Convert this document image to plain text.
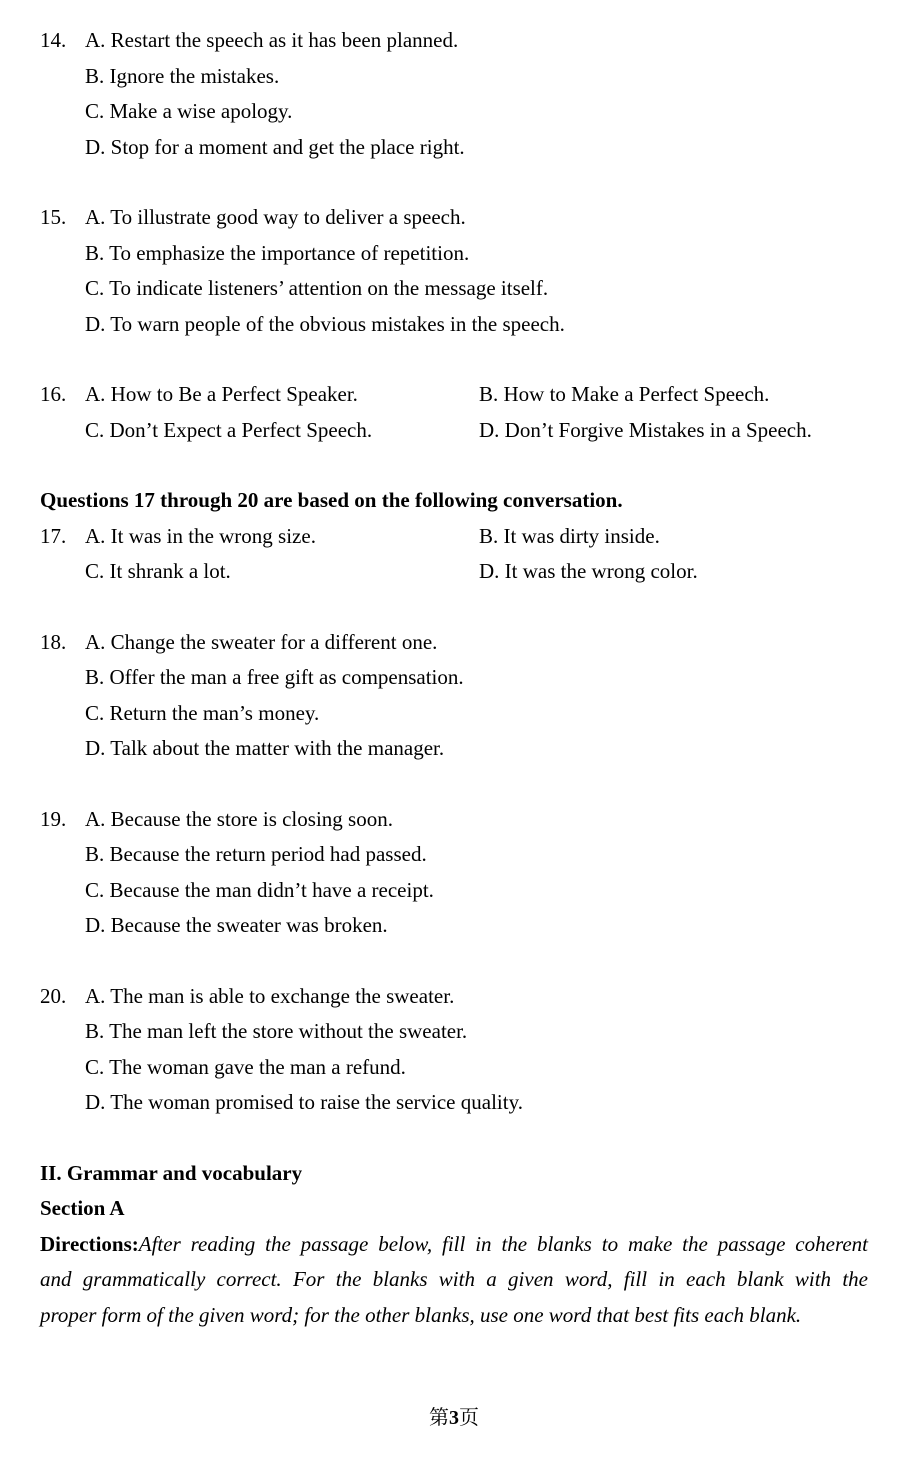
14. A. Restart the speech as it has been planned.
B. Ignore the mistakes.
C. Make a wise apology.
D. Stop for a moment and get the place right.
15. A. To illustrate good way to deliver a speech.
B. To emphasize the importance of repetition.
C. To indicate listeners’ attention on the message itself.
D. To warn people of the obvious mistakes in the speech.
16. A. How to Be a Perfect Speaker.	B. How to Make a Perfect Speech.
C. Don’t Expect a Perfect Speech.	D. Don’t Forgive Mistakes in a Speech.
Questions 17 through 20 are based on the following conversation.
17. A. It was in the wrong size.	B. It was dirty inside.
C. It shrank a lot.	D. It was the wrong color.
18. A. Change the sweater for a different one.
B. Offer the man a free gift as compensation.
C. Return the man’s money.
D. Talk about the matter with the manager.
19. A. Because the store is closing soon.
B. Because the return period had passed.
C. Because the man didn’t have a receipt.
D. Because the sweater was broken.
20. A. The man is able to exchange the sweater.
B. The man left the store without the sweater.
C. The woman gave the man a refund.
D. The woman promised to raise the service quality.
II. Grammar and vocabulary
Section A

Directions:After reading the passage below, fill in the blanks to make the passage coherent

and grammatically correct. For the blanks with a given word, fill in each blank with the

proper form of the given word; for the other blanks, use one word that best fits each blank.

第3页
